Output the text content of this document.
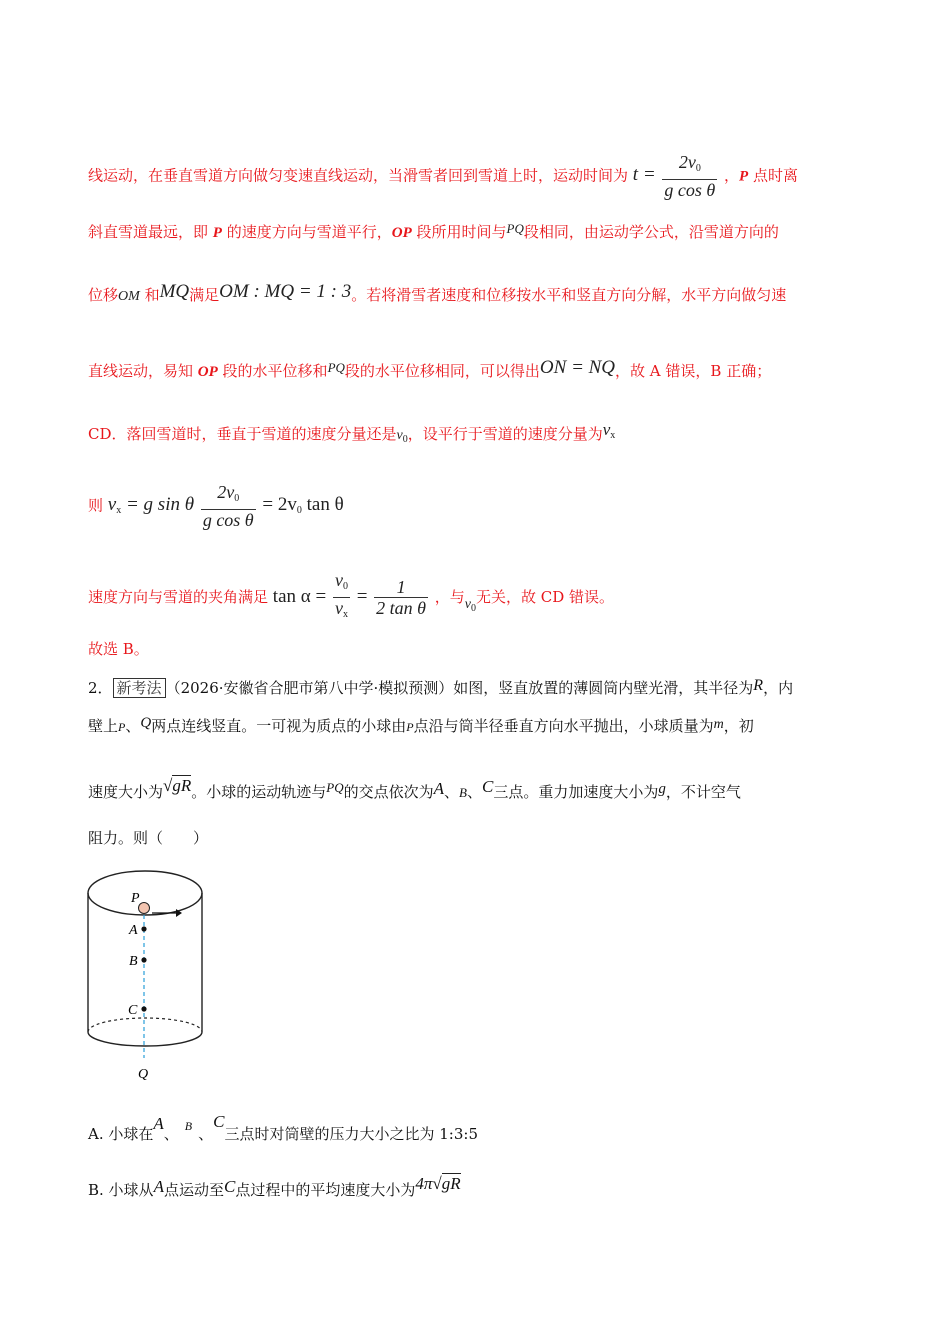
线运动，在垂直雪道方向做匀变速直线运动，当滑雪者回到雪道上时，运动时间为 $t = \frac{2v_0}{\text{g cos θ}}$ ，P 点时离
斜直雪道最远，即 P 的速度方向与雪道平行，OP 段所用时间与PQ段相同，由运动学公式，沿雪道方向的
位移OM 和MQ满足OM : MQ = 1 : 3。若将滑雪者速度和位移按水平和竖直方向分解，水平方向做匀速
直线运动，易知 OP 段的水平位移和PQ段的水平位移相同，可以得出ON = NQ，故 A 错误，B 正确；
CD．落回雪道时，垂直于雪道的速度分量还是$v_0$，设平行于雪道的速度分量为$v_x$
则 $v_x = g$ sin θ $\frac{2v_0}{\text{g cos θ}} = 2v_0$ tan θ
速度方向与雪道的夹角满足 $\tan \alpha = \frac{v_0}{v_x} = \frac{1}{\text{2 tan θ}}$ ，与$v_0$无关，故 CD 错误。
故选 B。
2． 新考法 （2026·安徽省合肥市第八中学·模拟预测）如图，竖直放置的薄圆筒内壁光滑，其半径为R，内
壁上P、Q两点连线竖直。一可视为质点的小球由P点沿与筒半径垂直方向水平抛出，小球质量为m，初
速度大小为√gR。小球的运动轨迹与PQ的交点依次为A、B、C三点。重力加速度大小为g，不计空气
阻力。则（　　）
P
A
B
C
Q
A. 小球在A、 $^B$ 、C三点时对筒壁的压力大小之比为 1:3:5
B. 小球从A点运动至C点过程中的平均速度大小为4π√gR
